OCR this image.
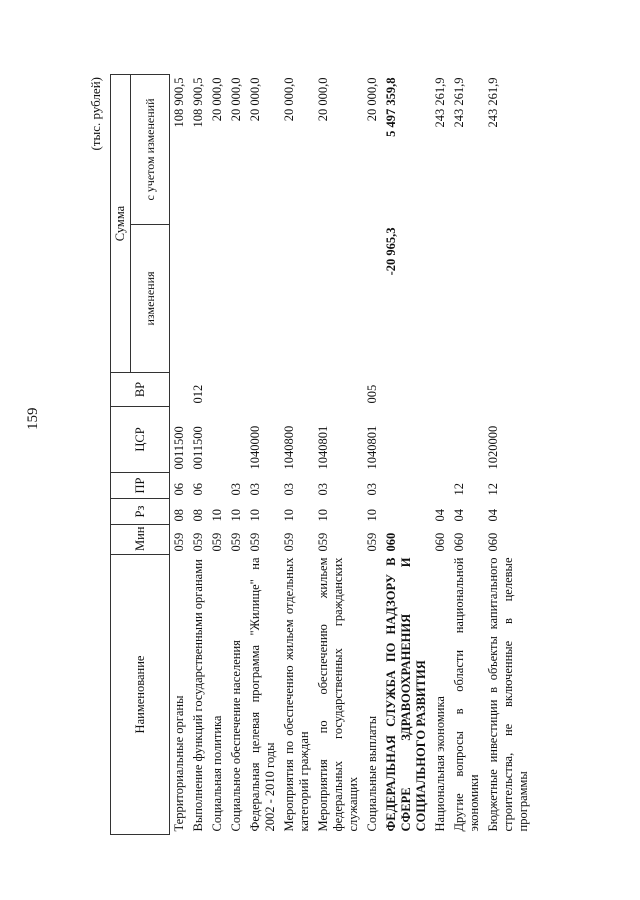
159
(тыс. рублей)
Наименование	Мин	Рз	ПР	ЦСР	ВР	Сумма	
						изменения	с учетом изменений
Территориальные органы	059	08	06	0011500			108 900,5
Выполнение функций государственными органами	059	08	06	0011500	012		108 900,5
Социальная политика	059	10					20 000,0
Социальное обеспечение населения	059	10	03				20 000,0
Федеральная целевая программа "Жилище" на 2002 - 2010 годы	059	10	03	1040000			20 000,0
Мероприятия по обеспечению жильем отдельных категорий граждан	059	10	03	1040800			20 000,0
Мероприятия по обеспечению жильем федеральных государственных гражданских служащих	059	10	03	1040801			20 000,0
Социальные выплаты	059	10	03	1040801	005		20 000,0
ФЕДЕРАЛЬНАЯ СЛУЖБА ПО НАДЗОРУ В СФЕРЕ ЗДРАВООХРАНЕНИЯ И СОЦИАЛЬНОГО РАЗВИТИЯ	060					-20 965,3	5 497 359,8
Национальная экономика	060	04					243 261,9
Другие вопросы в области национальной экономики	060	04	12				243 261,9
Бюджетные инвестиции в объекты капитального строительства, не включенные в целевые программы	060	04	12	1020000			243 261,9
